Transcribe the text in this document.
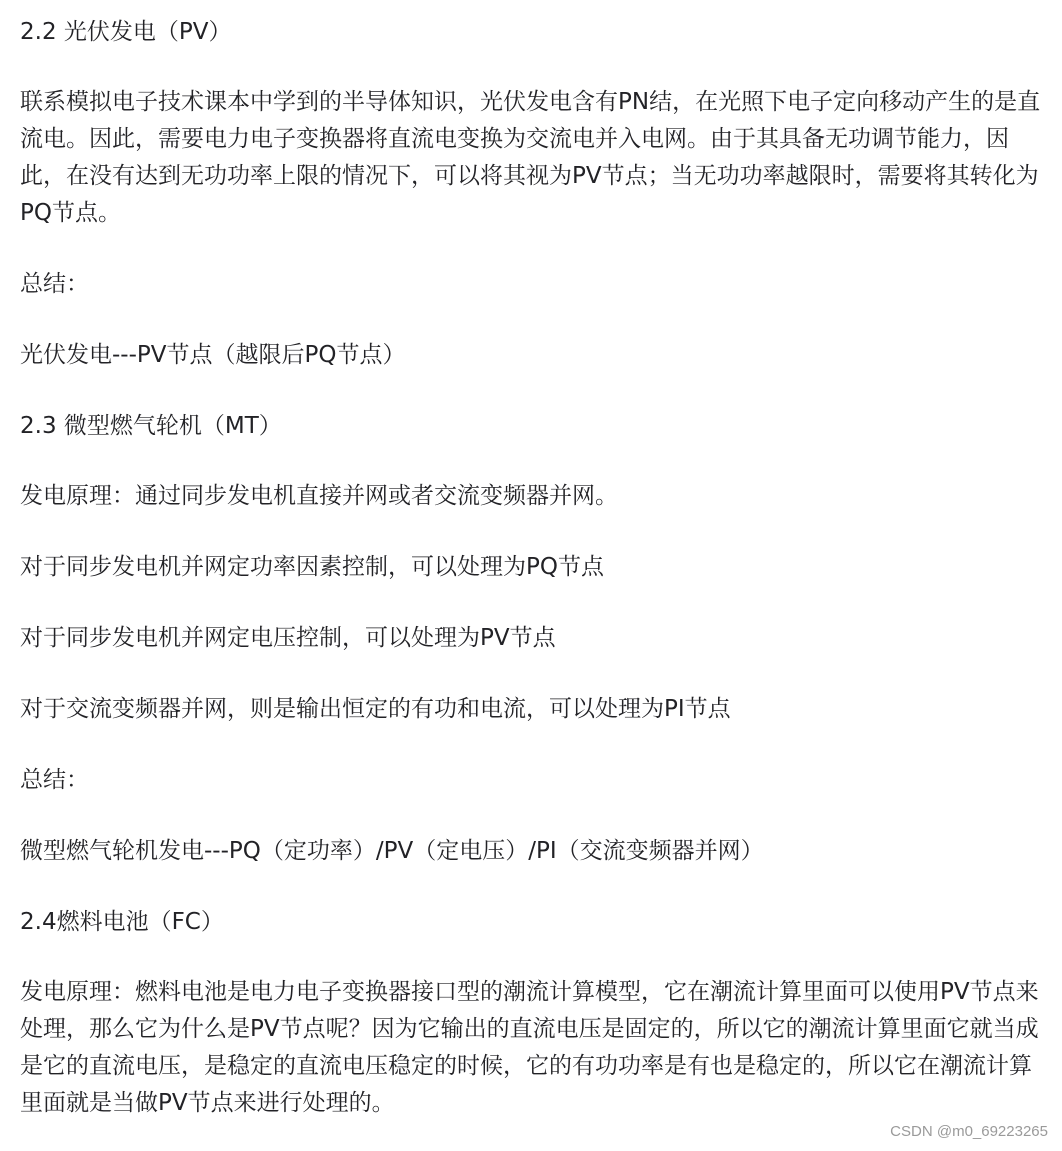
2.2 光伏发电（PV）
联系模拟电子技术课本中学到的半导体知识，光伏发电含有PN结，在光照下电子定向移动产生的是直流电。因此，需要电力电子变换器将直流电变换为交流电并入电网。由于其具备无功调节能力，因此，在没有达到无功功率上限的情况下，可以将其视为PV节点；当无功功率越限时，需要将其转化为PQ节点。
总结：
光伏发电---PV节点（越限后PQ节点）
2.3 微型燃气轮机（MT）
发电原理：通过同步发电机直接并网或者交流变频器并网。
对于同步发电机并网定功率因素控制，可以处理为PQ节点
对于同步发电机并网定电压控制，可以处理为PV节点
对于交流变频器并网，则是输出恒定的有功和电流，可以处理为PI节点
总结：
微型燃气轮机发电---PQ（定功率）/PV（定电压）/PI（交流变频器并网）
2.4燃料电池（FC）
发电原理：燃料电池是电力电子变换器接口型的潮流计算模型，它在潮流计算里面可以使用PV节点来处理，那么它为什么是PV节点呢？因为它输出的直流电压是固定的，所以它的潮流计算里面它就当成是它的直流电压，是稳定的直流电压稳定的时候，它的有功功率是有也是稳定的，所以它在潮流计算里面就是当做PV节点来进行处理的。
CSDN @m0_69223265
